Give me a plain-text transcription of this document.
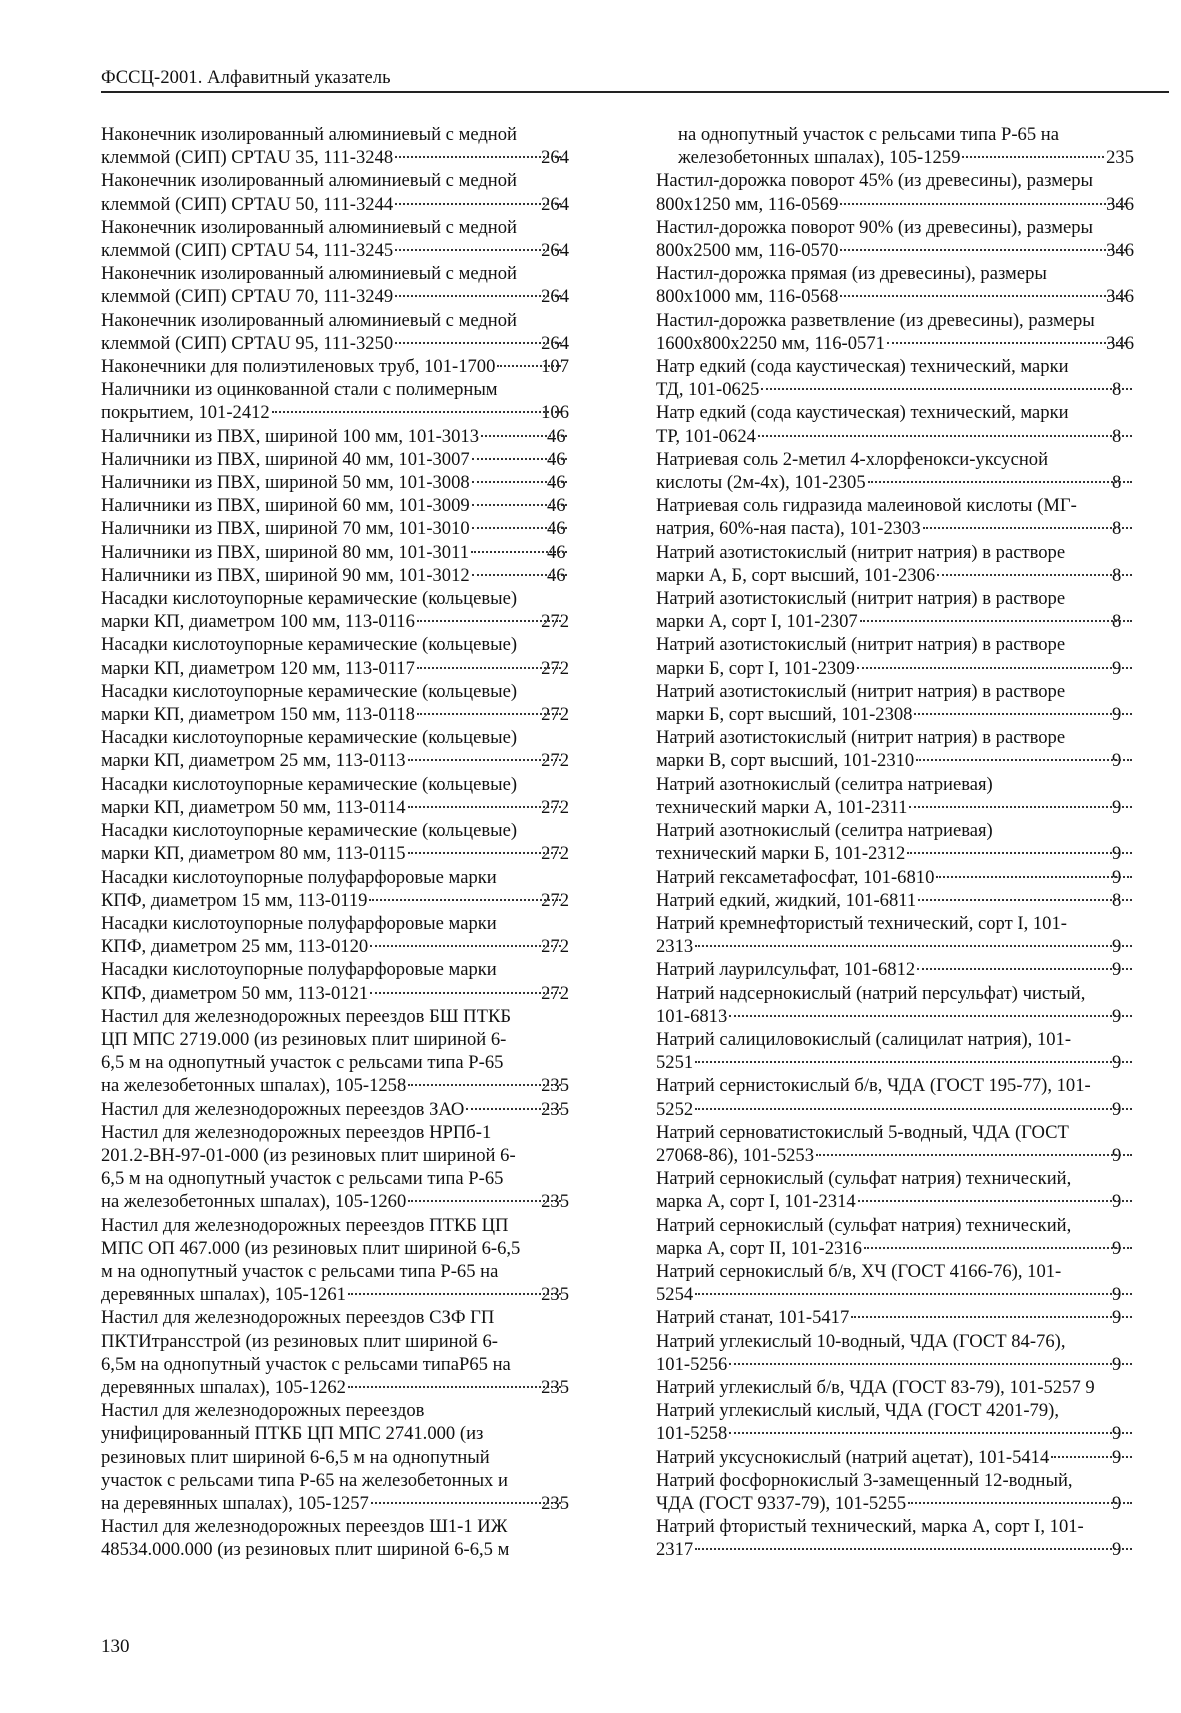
ФССЦ-2001. Алфавитный указатель
Наконечник изолированный алюминиевый с медной
клеммой (СИП) CPTAU 35, 111-3248	264
Наконечник изолированный алюминиевый с медной
клеммой (СИП) CPTAU 50, 111-3244	264
Наконечник изолированный алюминиевый с медной
клеммой (СИП) CPTAU 54, 111-3245	264
Наконечник изолированный алюминиевый с медной
клеммой (СИП) CPTAU 70, 111-3249	264
Наконечник изолированный алюминиевый с медной
клеммой (СИП) CPTAU 95, 111-3250	264
Наконечники для полиэтиленовых труб, 101-1700 107
Наличники из оцинкованной стали с полимерным
покрытием, 101-2412	106
Наличники из ПВХ, шириной 100 мм, 101-3013	46
Наличники из ПВХ, шириной 40 мм, 101-3007	46
Наличники из ПВХ, шириной 50 мм, 101-3008	46
Наличники из ПВХ, шириной 60 мм, 101-3009	46
Наличники из ПВХ, шириной 70 мм, 101-3010	46
Наличники из ПВХ, шириной 80 мм, 101-3011	46
Наличники из ПВХ, шириной 90 мм, 101-3012	46
Насадки кислотоупорные керамические (кольцевые)
марки КП, диаметром 100 мм, 113-0116	272
Насадки кислотоупорные керамические (кольцевые)
марки КП, диаметром 120 мм, 113-0117	272
Насадки кислотоупорные керамические (кольцевые)
марки КП, диаметром 150 мм, 113-0118	272
Насадки кислотоупорные керамические (кольцевые)
марки КП, диаметром 25 мм, 113-0113	272
Насадки кислотоупорные керамические (кольцевые)
марки КП, диаметром 50 мм, 113-0114	272
Насадки кислотоупорные керамические (кольцевые)
марки КП, диаметром 80 мм, 113-0115	272
Насадки кислотоупорные полуфарфоровые марки
КПФ, диаметром 15 мм, 113-0119	272
Насадки кислотоупорные полуфарфоровые марки
КПФ, диаметром 25 мм, 113-0120	272
Насадки кислотоупорные полуфарфоровые марки
КПФ, диаметром 50 мм, 113-0121	272
Настил для железнодорожных переездов БШ ПТКБ
ЦП МПС 2719.000 (из резиновых плит шириной 6-
6,5 м на однопутный участок с рельсами типа Р-65
на железобетонных шпалах), 105-1258	235
Настил для железнодорожных переездов ЗАО	235
Настил для железнодорожных переездов НРПб-1
201.2-ВН-97-01-000 (из резиновых плит шириной 6-
6,5 м на однопутный участок с рельсами типа Р-65
на железобетонных шпалах), 105-1260	235
Настил для железнодорожных переездов ПТКБ ЦП
МПС ОП 467.000 (из резиновых плит шириной 6-6,5
м на однопутный участок с рельсами типа Р-65 на
деревянных шпалах), 105-1261	235
Настил для железнодорожных переездов СЗФ ГП
ПКТИтрансстрой (из резиновых плит шириной 6-
6,5м на однопутный участок с рельсами типаР65 на
деревянных шпалах), 105-1262	235
Настил для железнодорожных переездов
унифицированный ПТКБ ЦП МПС 2741.000 (из
резиновых плит шириной 6-6,5 м на однопутный
участок с рельсами типа Р-65 на железобетонных и
на деревянных шпалах), 105-1257	235
Настил для железнодорожных переездов Ш1-1 ИЖ
48534.000.000 (из резиновых плит шириной 6-6,5 м
на однопутный участок с рельсами типа Р-65 на
железобетонных шпалах), 105-1259	235
Настил-дорожка поворот 45% (из древесины), размеры
800х1250 мм, 116-0569	346
Настил-дорожка поворот 90% (из древесины), размеры
800х2500 мм, 116-0570	346
Настил-дорожка прямая (из древесины), размеры
800х1000 мм, 116-0568	346
Настил-дорожка разветвление (из древесины), размеры
1600х800х2250 мм, 116-0571	346
Натр едкий (сода каустическая) технический, марки
ТД, 101-0625	8
Натр едкий (сода каустическая) технический, марки
ТР, 101-0624	8
Натриевая соль 2-метил 4-хлорфенокси-уксусной
кислоты (2м-4х), 101-2305	8
Натриевая соль гидразида малеиновой кислоты (МГ-
натрия, 60%-ная паста), 101-2303	8
Натрий азотистокислый (нитрит натрия) в растворе
марки А, Б, сорт высший, 101-2306	8
Натрий азотистокислый (нитрит натрия) в растворе
марки А, сорт I, 101-2307	8
Натрий азотистокислый (нитрит натрия) в растворе
марки Б, сорт I, 101-2309	9
Натрий азотистокислый (нитрит натрия) в растворе
марки Б, сорт высший, 101-2308	9
Натрий азотистокислый (нитрит натрия) в растворе
марки В, сорт высший, 101-2310	9
Натрий азотнокислый (селитра натриевая)
технический марки А, 101-2311	9
Натрий азотнокислый (селитра натриевая)
технический марки Б, 101-2312	9
Натрий гексаметафосфат, 101-6810	9
Натрий едкий, жидкий, 101-6811	8
Натрий кремнефтористый технический, сорт I, 101-
2313	9
Натрий лаурилсульфат, 101-6812	9
Натрий надсернокислый (натрий персульфат) чистый,
101-6813	9
Натрий салициловокислый (салицилат натрия), 101-
5251	9
Натрий сернистокислый б/в, ЧДА (ГОСТ 195-77), 101-
5252	9
Натрий серноватистокислый 5-водный, ЧДА (ГОСТ
27068-86), 101-5253	9
Натрий сернокислый (сульфат натрия) технический,
марка А, сорт I, 101-2314	9
Натрий сернокислый (сульфат натрия) технический,
марка А, сорт II, 101-2316	9
Натрий сернокислый б/в, ХЧ (ГОСТ 4166-76), 101-
5254	9
Натрий станат, 101-5417	9
Натрий углекислый 10-водный, ЧДА (ГОСТ 84-76),
101-5256	9
Натрий углекислый б/в, ЧДА (ГОСТ 83-79), 101-5257 9
Натрий углекислый кислый, ЧДА (ГОСТ 4201-79),
101-5258	9
Натрий уксуснокислый (натрий ацетат), 101-5414	9
Натрий фосфорнокислый 3-замещенный 12-водный,
ЧДА (ГОСТ 9337-79), 101-5255	9
Натрий фтористый технический, марка А, сорт I, 101-
2317	9
130
